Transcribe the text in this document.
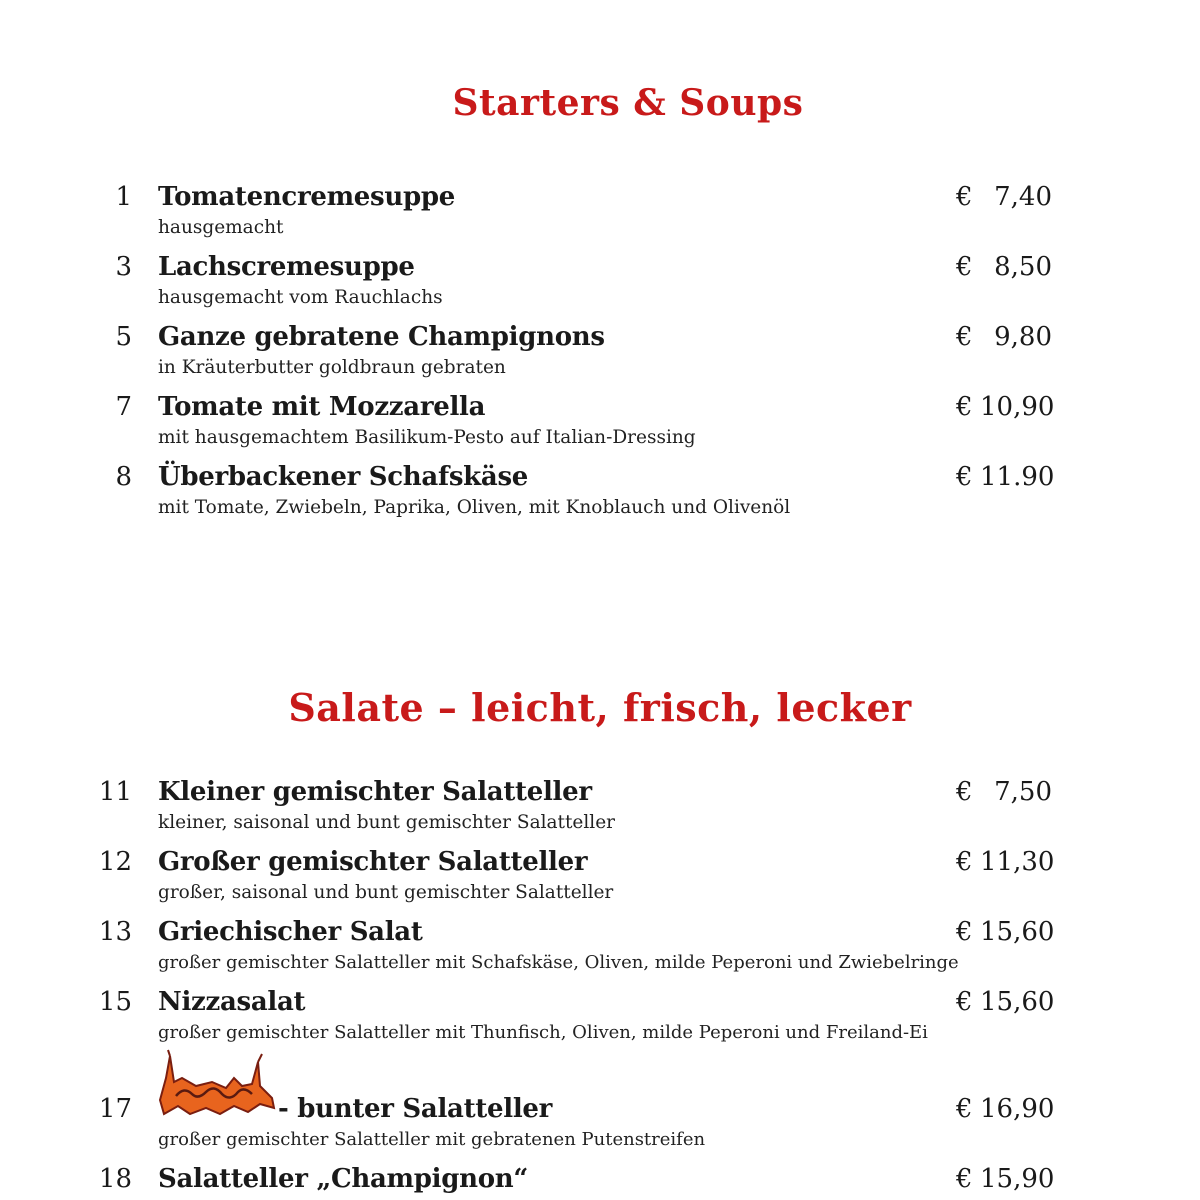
Starters & Soups
1 Tomatencremesuppe
hausgemacht
€ 7,40
3 Lachscremesuppe
hausgemacht vom Rauchlachs
€ 8,50
5 Ganze gebratene Champignons
in Kräuterbutter goldbraun gebraten
€ 9,80
7 Tomate mit Mozzarella
mit hausgemachtem Basilikum-Pesto auf Italian-Dressing
€ 10,90
8 Überbackener Schafskäse
mit Tomate, Zwiebeln, Paprika, Oliven, mit Knoblauch und Olivenöl
€ 11.90
Salate – leicht, frisch, lecker
11 Kleiner gemischter Salatteller
kleiner, saisonal und bunt gemischter Salatteller
€ 7,50
12 Großer gemischter Salatteller
großer, saisonal und bunt gemischter Salatteller
€ 11,30
13 Griechischer Salat
großer gemischter Salatteller mit Schafskäse, Oliven, milde Peperoni und Zwiebelringe
€ 15,60
15 Nizzasalat
großer gemischter Salatteller mit Thunfisch, Oliven, milde Peperoni und Freiland-Ei
€ 15,60
17	- bunter Salatteller
großer gemischter Salatteller mit gebratenen Putenstreifen
€ 16,90
18 Salatteller „Champignon“	€ 15,90
